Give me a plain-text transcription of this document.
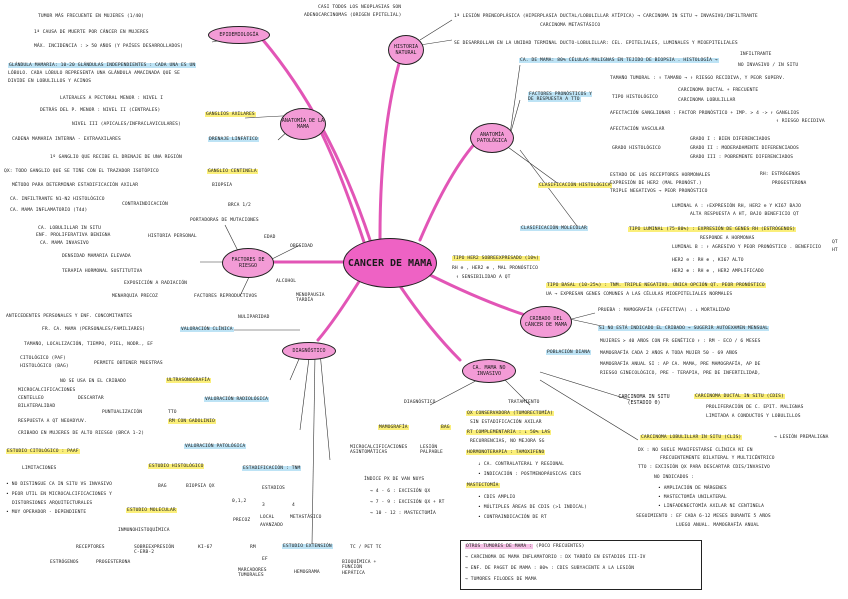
CANCER DE MAMA
EPIDEMIOLOGÍA
HISTORIA NATURAL
ANATOMÍA DE LA MAMA
ANATOMÍA PATOLÓGICA
FACTORES DE RIESGO
DIAGNÓSTICO
CRIBADO DEL CÁNCER DE MAMA
CA. MAMA NO INVASIVO
CARCINOMA IN SITU (ESTADIO 0)
TUMOR MÁS FRECUENTE EN MUJERES (1/40)
1ª CAUSA DE MUERTE POR CÁNCER EN MUJERES
MÁX. INCIDENCIA : > 50 AÑOS (Y PAÍSES DESARROLLADOS)
CASI TODOS LOS NEOPLASIAS SON
ADENOCARCINOMAS (ORIGEN EPITELIAL)	1ª LESIÓN PRENEOPLÁSICA (HIPERPLASIA DUCTAL/LOBULILLAR ATÍPICA) → CARCINOMA IN SITU → INVASIVO/INFILTRANTE
CARCINOMA METASTÁSICO
SE DESARROLLAN EN LA UNIDAD TERMINAL DUCTO-LOBULILLAR: CEL. EPITELIALES, LUMINALES Y MIOEPITELIALES
GLÁNDULA MAMARIA: 10-20 GLÁNDULAS INDEPENDIENTES : CADA UNA ES UN
LÓBULO. CADA LÓBULO REPRESENTA UNA GLÁNDULA AMACINADA QUE SE
DIVIDE EN LOBULILLOS Y ACINOS
LATERALES A PECTORAL MENOR : NIVEL I
DETRÁS DEL P. MENOR : NIVEL II (CENTRALES)
GANGLIOS AXILARES
NIVEL III (APICALES/INFRACLAVICULARES)
CADENA MAMARIA INTERNA - EXTRAAXILARES	DRENAJE LINFÁTICO
1º GANGLIO QUE RECIBE EL DRENAJE DE UNA REGIÓN
QX: TODO GANGLIO QUE SE TIÑE CON EL TRAZADOR ISOTÓPICO	GANGLIO CENTINELA
MÉTODO PARA DETERMINAR ESTADIFICACIÓN AXILAR	BIOPSIA
CA. INFILTRANTE N1-N2 HISTOLÓGICO
CA. MAMA INFLAMATORIO (T4d)
CONTRAINDICACIÓN
CA. DE MAMA: 80% CÉLULAS MALIGNAS EN TEJIDO DE BIOPSIA . HISTOLOGÍA →
INFILTRANTE
NO INVASIVO / IN SITU
FACTORES PRONÓSTICOS Y DE RESPUESTA A TTO
TAMAÑO TUMORAL : ↑ TAMAÑO → ↑ RIESGO RECIDIVA, Y PEOR SUPERV.
TIPO HISTOLÓGICO
CARCINOMA DUCTAL + FRECUENTE
CARCINOMA LOBULILLAR
AFECTACIÓN GANGLIONAR : FACTOR PRONÓSTICO + IMP. > 4 -> ↑ GANGLIOS
↑ RIESGO RECIDIVA
AFECTACIÓN VASCULAR
GRADO HISTOLÓGICO
GRADO I : BIEN DIFERENCIADOS
GRADO II : MODERADAMENTE DIFERENCIADOS
GRADO III : POBREMENTE DIFERENCIADOS
CLASIFICACIÓN HISTOLÓGICA
ESTADO DE LOS RECEPTORES HORMONALES
EXPRESIÓN DE HER2 (MAL PRONÓST.)
TRIPLE NEGATIVOS → PEOR PRONÓSTICO
RH: ESTRÓGENOS
PROGESTERONA
CLASIFICACIÓN MOLECULAR	TIPO LUMINAL (75-80%) : EXPRESIÓN DE GENES RH (ESTRÓGENOS)
LUMINAL A : ↑EXPRESIÓN RH, HER2 ⊖ Y KI67 BAJO
ALTA RESPUESTA A HT, BAJO BENEFICIO QT
RESPONDE A HORMONAS
LUMINAL B : ↑ AGRESIVO Y PEOR PRONÓSTICO . BENEFICIO
QT
HT
HER2 ⊖ : RH ⊕ , KI67 ALTO
HER2 ⊕ : RH ⊕ , HER2 AMPLIFICADO
TIPO HER2 SOBREEXPRESADO (10%)
RH ⊖ , HER2 ⊕ , MAL PRONÓSTICO
↑ SENSIBILIDAD A QT
TIPO BASAL (10-25%) : TNM. TRIPLE NEGATIVO. ÚNICA OPCIÓN QT. PEOR PRONÓSTICO
UA → EXPRESAN GENES COMUNES A LAS CÉLULAS MIOEPITELIALES NORMALES
BRCA 1/2
PORTADORAS DE MUTACIONES
EDAD
OBESIDAD
CA. LOBULILLAR IN SITU
ENF. PROLIFERATIVA BENIGNA
CA. MAMA INVASIVO
HISTORIA PERSONAL
DENSIDAD MAMARIA ELEVADA
TERAPIA HORMONAL SUSTITUTIVA
EXPOSICIÓN A RADIACIÓN	ALCOHOL
MENARQUIA PRECOZ	FACTORES REPRODUCTIVOS	MENOPAUSIA TARDÍA
NULIPARIDAD
ANTECEDENTES PERSONALES Y ENF. CONCOMITANTES
FR. CA. MAMA (PERSONALES/FAMILIARES)
TAMAÑO, LOCALIZACIÓN, TIEMPO, PIEL, NODR., EF
VALORACIÓN CLÍNICA
CITOLÓGICO (PAF)
HISTOLÓGICO (BAG)
PERMITE OBTENER MUESTRAS
NO SE USA EN EL CRIBADO	ULTRASONOGRAFÍA
MICROCALCIFICACIONES
CENTELLEO
BILATERALIDAD
DESCARTAR	VALORACIÓN RADIOLÓGICA
PUNTUALIZACIÓN	TTO
RM CON GADOLINIO
RESPUESTA A QT NEOADYUV.
CRIBADO EN MUJERES DE ALTO RIESGO (BRCA 1-2)
VALORACIÓN PATOLÓGICA
ESTUDIO CITOLÓGICO : PAAF
LIMITACIONES
• NO DISTINGUE CA IN SITU VS INVASIVO
• PEOR UTIL EN MICROCALCIFICACIONES Y
DISTORSIONES ARQUITECTURALES
• MUY OPERADOR - DEPENDIENTE
ESTUDIO HISTOLÓGICO
BAG	BIOPSIA QX
ESTUDIO MOLECULAR
INMUNOHISTOQUÍMICA
RECEPTORES	SOBREEXPRESIÓN C-ERB-2
KI-67
ESTRÓGENOS	PROGESTERONA
ESTADIFICACIÓN : TNM
ESTADIOS
0,1,2
3	4
LOCAL	METASTÁSICO
PRECOZ
AVANZADO
RM	ESTUDIO EXTENSIÓN	TC / PET TC
EF
MARCADORES TUMORALES
HEMOGRAMA
BIOQUÍMICA + FUNCIÓN HEPÁTICA
DIAGNÓSTICO
MAMOGRAFÍA	BAG
MICROCALCIFICACIONES ASINTOMÁTICAS
LESIÓN PALPABLE
ÍNDICE PX DE VAN NUYS
→ 4 - 6 : EXCISIÓN QX
→ 7 - 9 : EXCISIÓN QX + RT
→ 10 - 12 : MASTECTOMÍA
TRATAMIENTO
QX CONSERVADORA (TUMORECTOMÍA)
SIN ESTADIFICACIÓN AXILAR
RT COMPLEMENTARIA : ↓ 50% LAS
RECURRENCIAS, NO MEJORA SG
HORMONOTERAPIA : TAMOXIFENO
↓ CA. CONTRALATERAL Y REGIONAL
• INDICACIÓN : POSTMENOPÁUSICAS CDIS
MASTECTOMÍA
• CDIS AMPLIO
• MÚLTIPLES ÁREAS DE CDIS (>1 INDICAL)
• CONTRAINDICACIÓN DE RT
PRUEBA : MAMOGRAFÍA (↑EFECTIVA) . ↓ MORTALIDAD
SI NO ESTÁ INDICADO EL CRIBADO → SUGERIR AUTOEXAMEN MENSUAL
POBLACIÓN DIANA
MUJERES > 40 AÑOS CON FR GENÉTICO ↑ : RM - ECO / 6 MESES
MAMOGRAFÍA CADA 2 AÑOS A TODA MUJER 50 - 69 AÑOS
MAMOGRAFÍA ANUAL SI : AP CA. MAMA, PRE MAMOGRAFÍA, AP DE
RIESGO GINECOLÓGICO, PRE - TERAPIA, PRE DE INFERTILIDAD,
CARCINOMA DUCTAL IN SITU (CDIS)
PROLIFERACIÓN DE C. EPIT. MALIGNAS
LIMITADA A CONDUCTOS Y LOBULILLOS
CARCINOMA LOBULILLAR IN SITU (CLIS)	→ LESIÓN PREMALIGNA
DX : NO SUELE MANIFESTARSE CLÍNICA NI EN
FRECUENTEMENTE BILATERAL Y MULTICÉNTRICO
TTO : EXCISIÓN QX PARA DESCARTAR CDIS/INVASIVO
NO INDICADOS :
• AMPLIACIÓN DE MÁRGENES
• MASTECTOMÍA UNILATERAL
• LINFADENECTOMÍA AXILAR NI CENTINELA
SEGUIMIENTO : EF CADA 6-12 MESES DURANTE 5 AÑOS
LUEGO ANUAL. MAMOGRAFÍA ANUAL
OTROS TUMORES DE MAMA : (POCO FRECUENTES)
→ CARCINOMA DE MAMA INFLAMATORIO : DX TARDÍO EN ESTADIOS III-IV
→ ENF. DE PAGET DE MAMA : 80% : CDIS SUBYACENTE A LA LESIÓN
→ TUMORES FILODES DE MAMA
